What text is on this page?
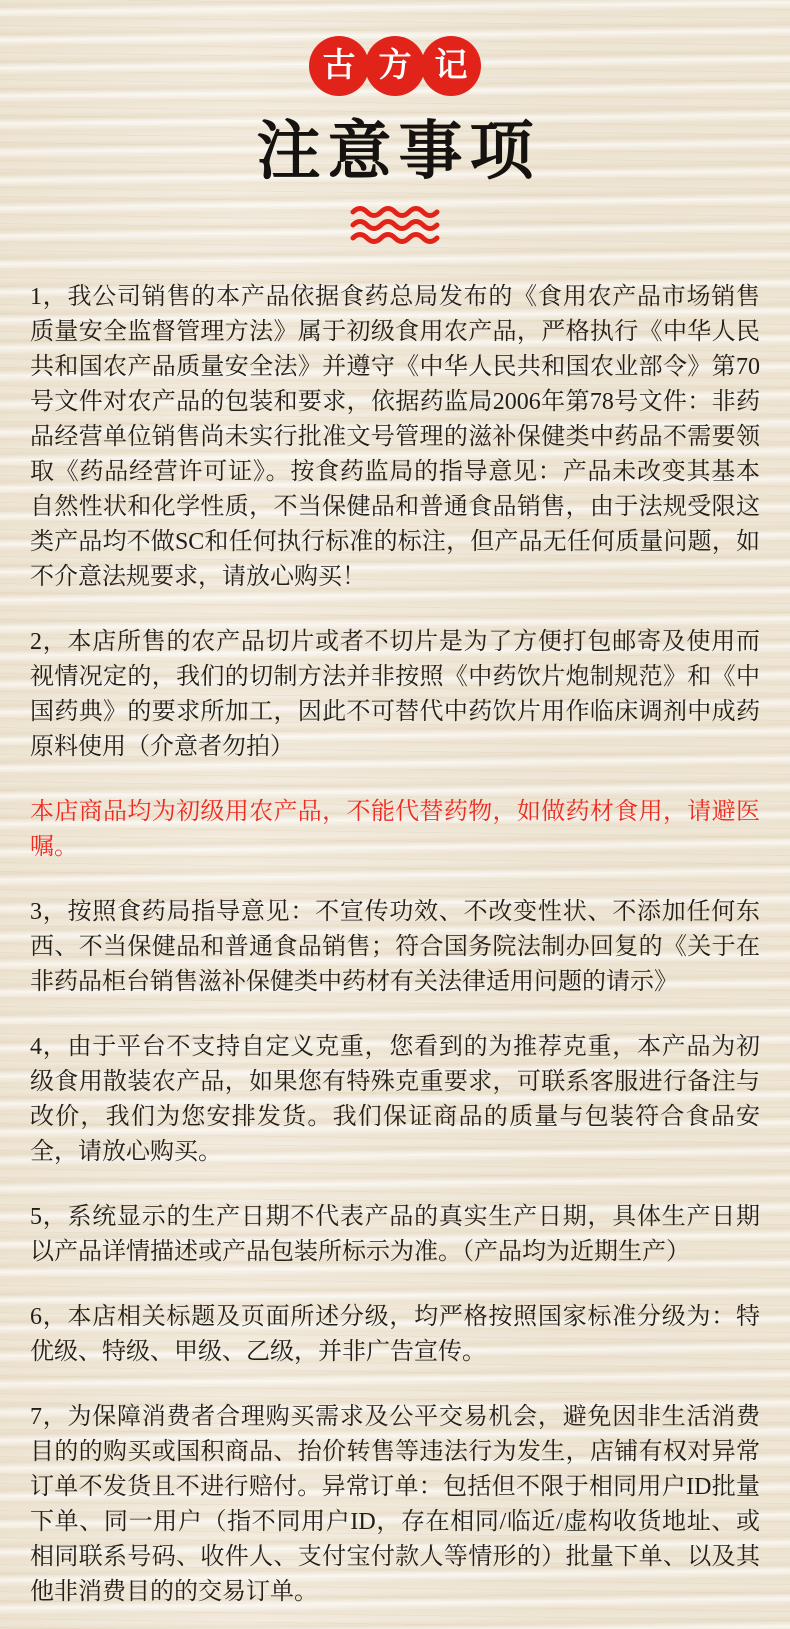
古 方 记
注意事项

1，我公司销售的本产品依据食药总局发布的《食用农产品市场销售质量安全监督管理方法》属于初级食用农产品，严格执行《中华人民共和国农产品质量安全法》并遵守《中华人民共和国农业部令》第70号文件对农产品的包装和要求，依据药监局2006年第78号文件：非药品经营单位销售尚未实行批准文号管理的滋补保健类中药品不需要领取《药品经营许可证》。按食药监局的指导意见：产品未改变其基本自然性状和化学性质，不当保健品和普通食品销售，由于法规受限这类产品均不做SC和任何执行标准的标注，但产品无任何质量问题，如不介意法规要求，请放心购买！

2，本店所售的农产品切片或者不切片是为了方便打包邮寄及使用而视情况定的，我们的切制方法并非按照《中药饮片炮制规范》和《中国药典》的要求所加工，因此不可替代中药饮片用作临床调剂中成药原料使用（介意者勿拍）

本店商品均为初级用农产品，不能代替药物，如做药材食用，请避医嘱。

3，按照食药局指导意见：不宣传功效、不改变性状、不添加任何东西、不当保健品和普通食品销售；符合国务院法制办回复的《关于在非药品柜台销售滋补保健类中药材有关法律适用问题的请示》

4，由于平台不支持自定义克重，您看到的为推荐克重，本产品为初级食用散装农产品，如果您有特殊克重要求，可联系客服进行备注与改价，我们为您安排发货。我们保证商品的质量与包装符合食品安全，请放心购买。

5，系统显示的生产日期不代表产品的真实生产日期，具体生产日期以产品详情描述或产品包装所标示为准。（产品均为近期生产）

6，本店相关标题及页面所述分级，均严格按照国家标准分级为：特优级、特级、甲级、乙级，并非广告宣传。

7，为保障消费者合理购买需求及公平交易机会，避免因非生活消费目的的购买或国积商品、抬价转售等违法行为发生，店铺有权对异常订单不发货且不进行赔付。异常订单：包括但不限于相同用户ID批量下单、同一用户（指不同用户ID，存在相同/临近/虚构收货地址、或相同联系号码、收件人、支付宝付款人等情形的）批量下单、以及其他非消费目的的交易订单。
